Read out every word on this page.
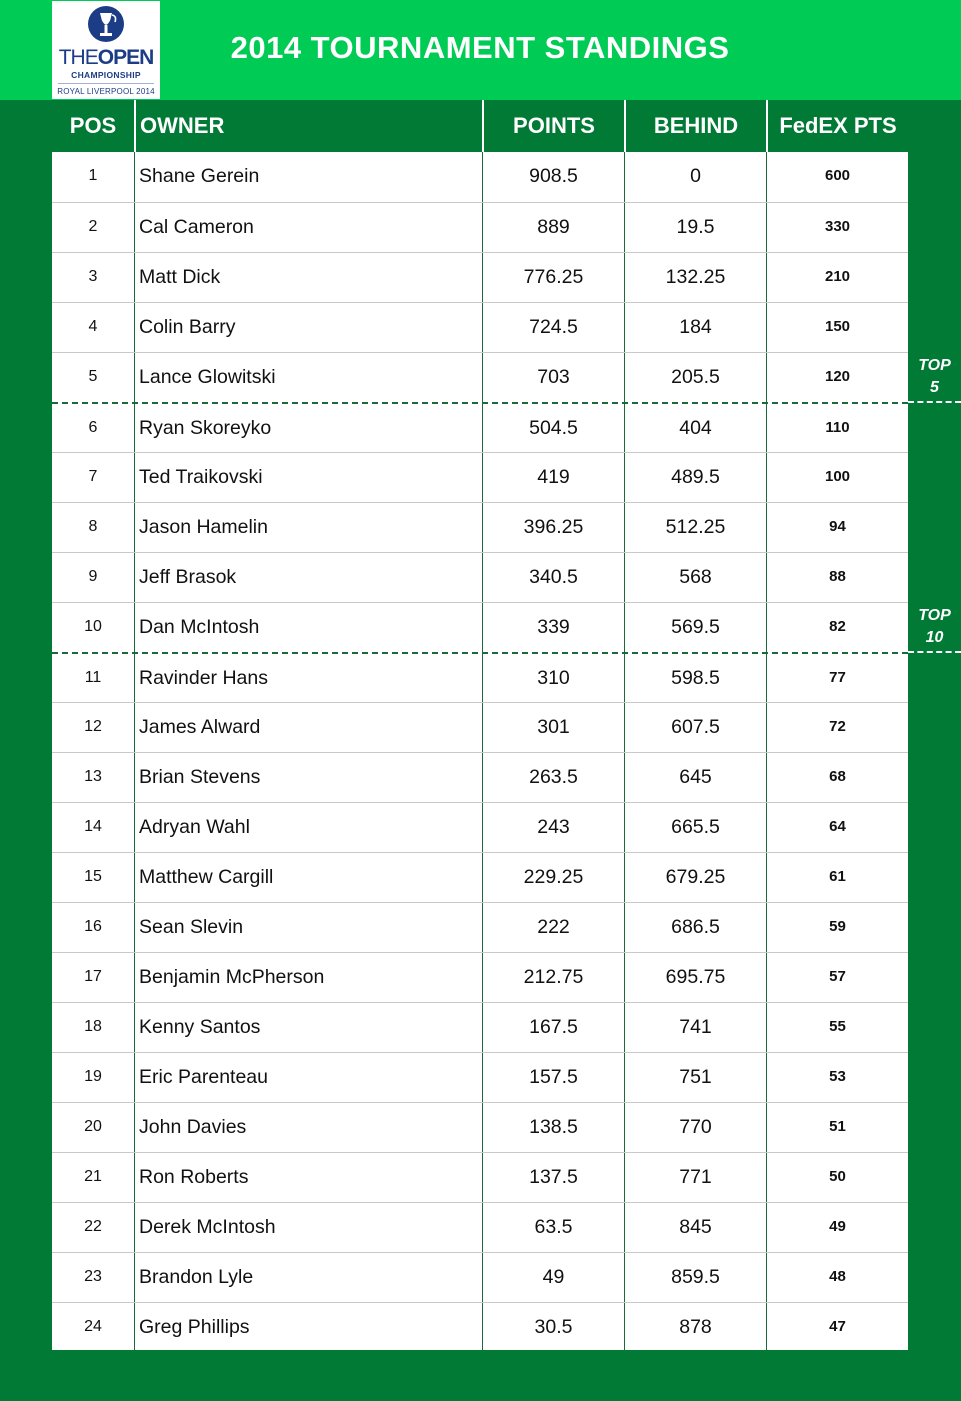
THEOPEN
CHAMPIONSHIP
ROYAL LIVERPOOL 2014
2014 TOURNAMENT STANDINGS
POS	OWNER	POINTS	BEHIND	FedEX PTS
1	Shane Gerein	908.5	0	600
2	Cal Cameron	889	19.5	330
3	Matt Dick	776.25	132.25	210
4	Colin Barry	724.5	184	150
5	Lance Glowitski	703	205.5	120
6	Ryan Skoreyko	504.5	404	110
7	Ted Traikovski	419	489.5	100
8	Jason Hamelin	396.25	512.25	94
9	Jeff Brasok	340.5	568	88
10	Dan McIntosh	339	569.5	82
11	Ravinder Hans	310	598.5	77
12	James Alward	301	607.5	72
13	Brian Stevens	263.5	645	68
14	Adryan Wahl	243	665.5	64
15	Matthew Cargill	229.25	679.25	61
16	Sean Slevin	222	686.5	59
17	Benjamin McPherson	212.75	695.75	57
18	Kenny Santos	167.5	741	55
19	Eric Parenteau	157.5	751	53
20	John Davies	138.5	770	51
21	Ron Roberts	137.5	771	50
22	Derek McIntosh	63.5	845	49
23	Brandon Lyle	49	859.5	48
24	Greg Phillips	30.5	878	47
TOP
5
TOP
10
